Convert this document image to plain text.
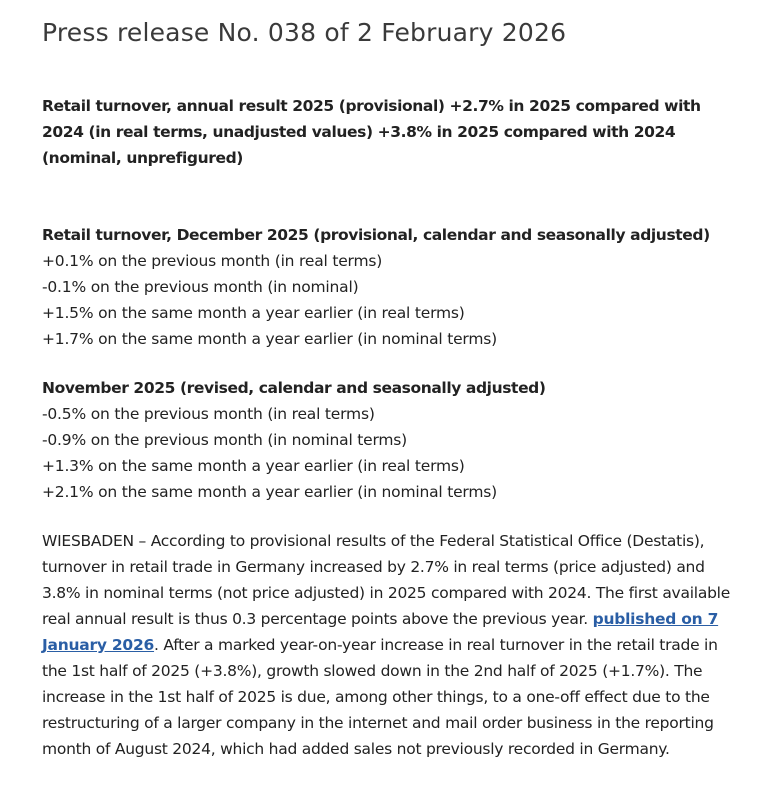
Press release No. 038 of 2 February 2026

Retail turnover, annual result 2025 (provisional) +2.7% in 2025 compared with 2024 (in real terms, unadjusted values) +3.8% in 2025 compared with 2024 (nominal, unprefigured)

Retail turnover, December 2025 (provisional, calendar and seasonally adjusted)
+0.1% on the previous month (in real terms)
-0.1% on the previous month (in nominal)
+1.5% on the same month a year earlier (in real terms)
+1.7% on the same month a year earlier (in nominal terms)
November 2025 (revised, calendar and seasonally adjusted)
-0.5% on the previous month (in real terms)
-0.9% on the previous month (in nominal terms)
+1.3% on the same month a year earlier (in real terms)
+2.1% on the same month a year earlier (in nominal terms)

WIESBADEN – According to provisional results of the Federal Statistical Office (Destatis), turnover in retail trade in Germany increased by 2.7% in real terms (price adjusted) and 3.8% in nominal terms (not price adjusted) in 2025 compared with 2024. The first available real annual result is thus 0.3 percentage points above the previous year. published on 7 January 2026. After a marked year-on-year increase in real turnover in the retail trade in the 1st half of 2025 (+3.8%), growth slowed down in the 2nd half of 2025 (+1.7%). The increase in the 1st half of 2025 is due, among other things, to a one-off effect due to the restructuring of a larger company in the internet and mail order business in the reporting month of August 2024, which had added sales not previously recorded in Germany.
